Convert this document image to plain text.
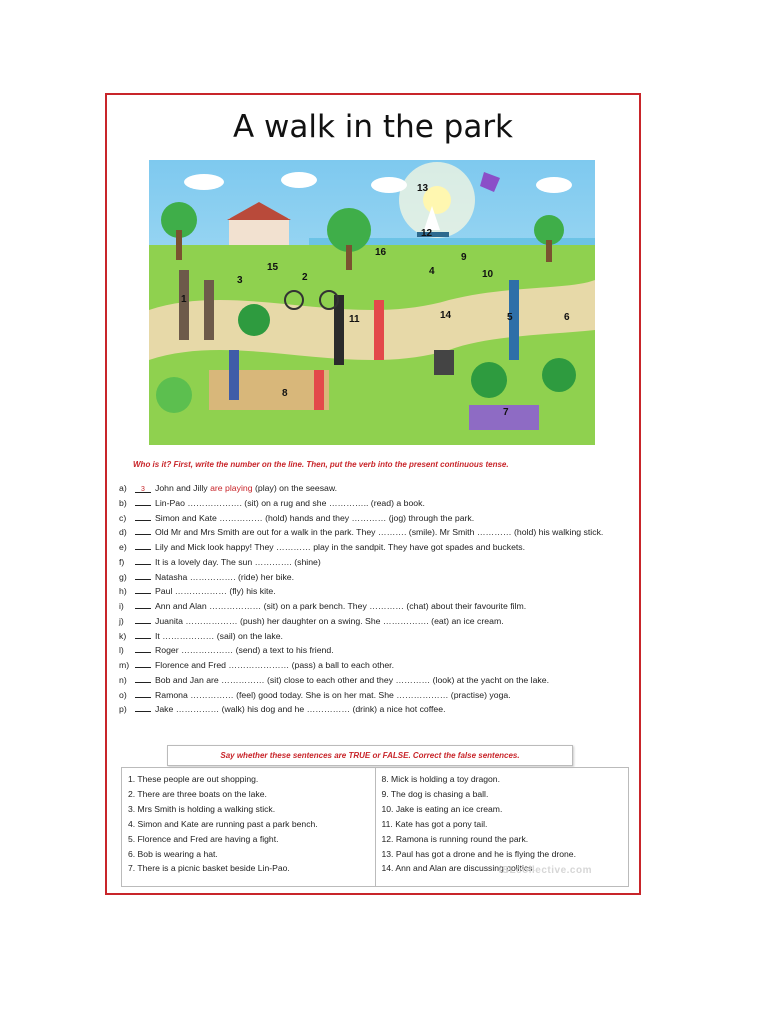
A walk in the park
1
2
3
4
5	6
7
8
9
10
11
12
13
14
15
16
Who is it? First, write the number on the line. Then, put the verb into the present continuous tense.
a)	3 John and Jilly are playing (play) on the seesaw.
b)	Lin-Pao ………………. (sit) on a rug and she ………….. (read) a book.
c)	Simon and Kate …………… (hold) hands and they ………… (jog) through the park.
d)	Old Mr and Mrs Smith are out for a walk in the park. They ………. (smile). Mr Smith ………… (hold) his walking stick.
e)	Lily and Mick look happy! They ………… play in the sandpit. They have got spades and buckets.
f)	It is a lovely day. The sun …………. (shine)
g)	Natasha ……………. (ride) her bike.
h)	Paul ……………… (fly) his kite.
i)	Ann and Alan ……………… (sit) on a park bench. They ………… (chat) about their favourite film.
j)	Juanita ……………… (push) her daughter on a swing. She ……………. (eat) an ice cream.
k)	It ……………… (sail) on the lake.
l)	Roger ……………… (send) a text to his friend.
m)	Florence and Fred ………………… (pass) a ball to each other.
n)	Bob and Jan are …………… (sit) close to each other and they ………… (look) at the yacht on the lake.
o)	Ramona …………… (feel) good today. She is on her mat. She ……………… (practise) yoga.
p)	Jake …………… (walk) his dog and he …………… (drink) a nice hot coffee.
Say whether these sentences are TRUE or FALSE. Correct the false sentences.
1. These people are out shopping.
2. There are three boats on the lake.
3. Mrs Smith is holding a walking stick.
4. Simon and Kate are running past a park bench.
5. Florence and Fred are having a fight.
6. Bob is wearing a hat.
7. There is a picnic basket beside Lin-Pao.
8. Mick is holding a toy dragon.
9. The dog is chasing a ball.
10. Jake is eating an ice cream.
11. Kate has got a pony tail.
12. Ramona is running round the park.
13. Paul has got a drone and he is flying the drone.
14. Ann and Alan are discussing politics.
iSLcollective.com
